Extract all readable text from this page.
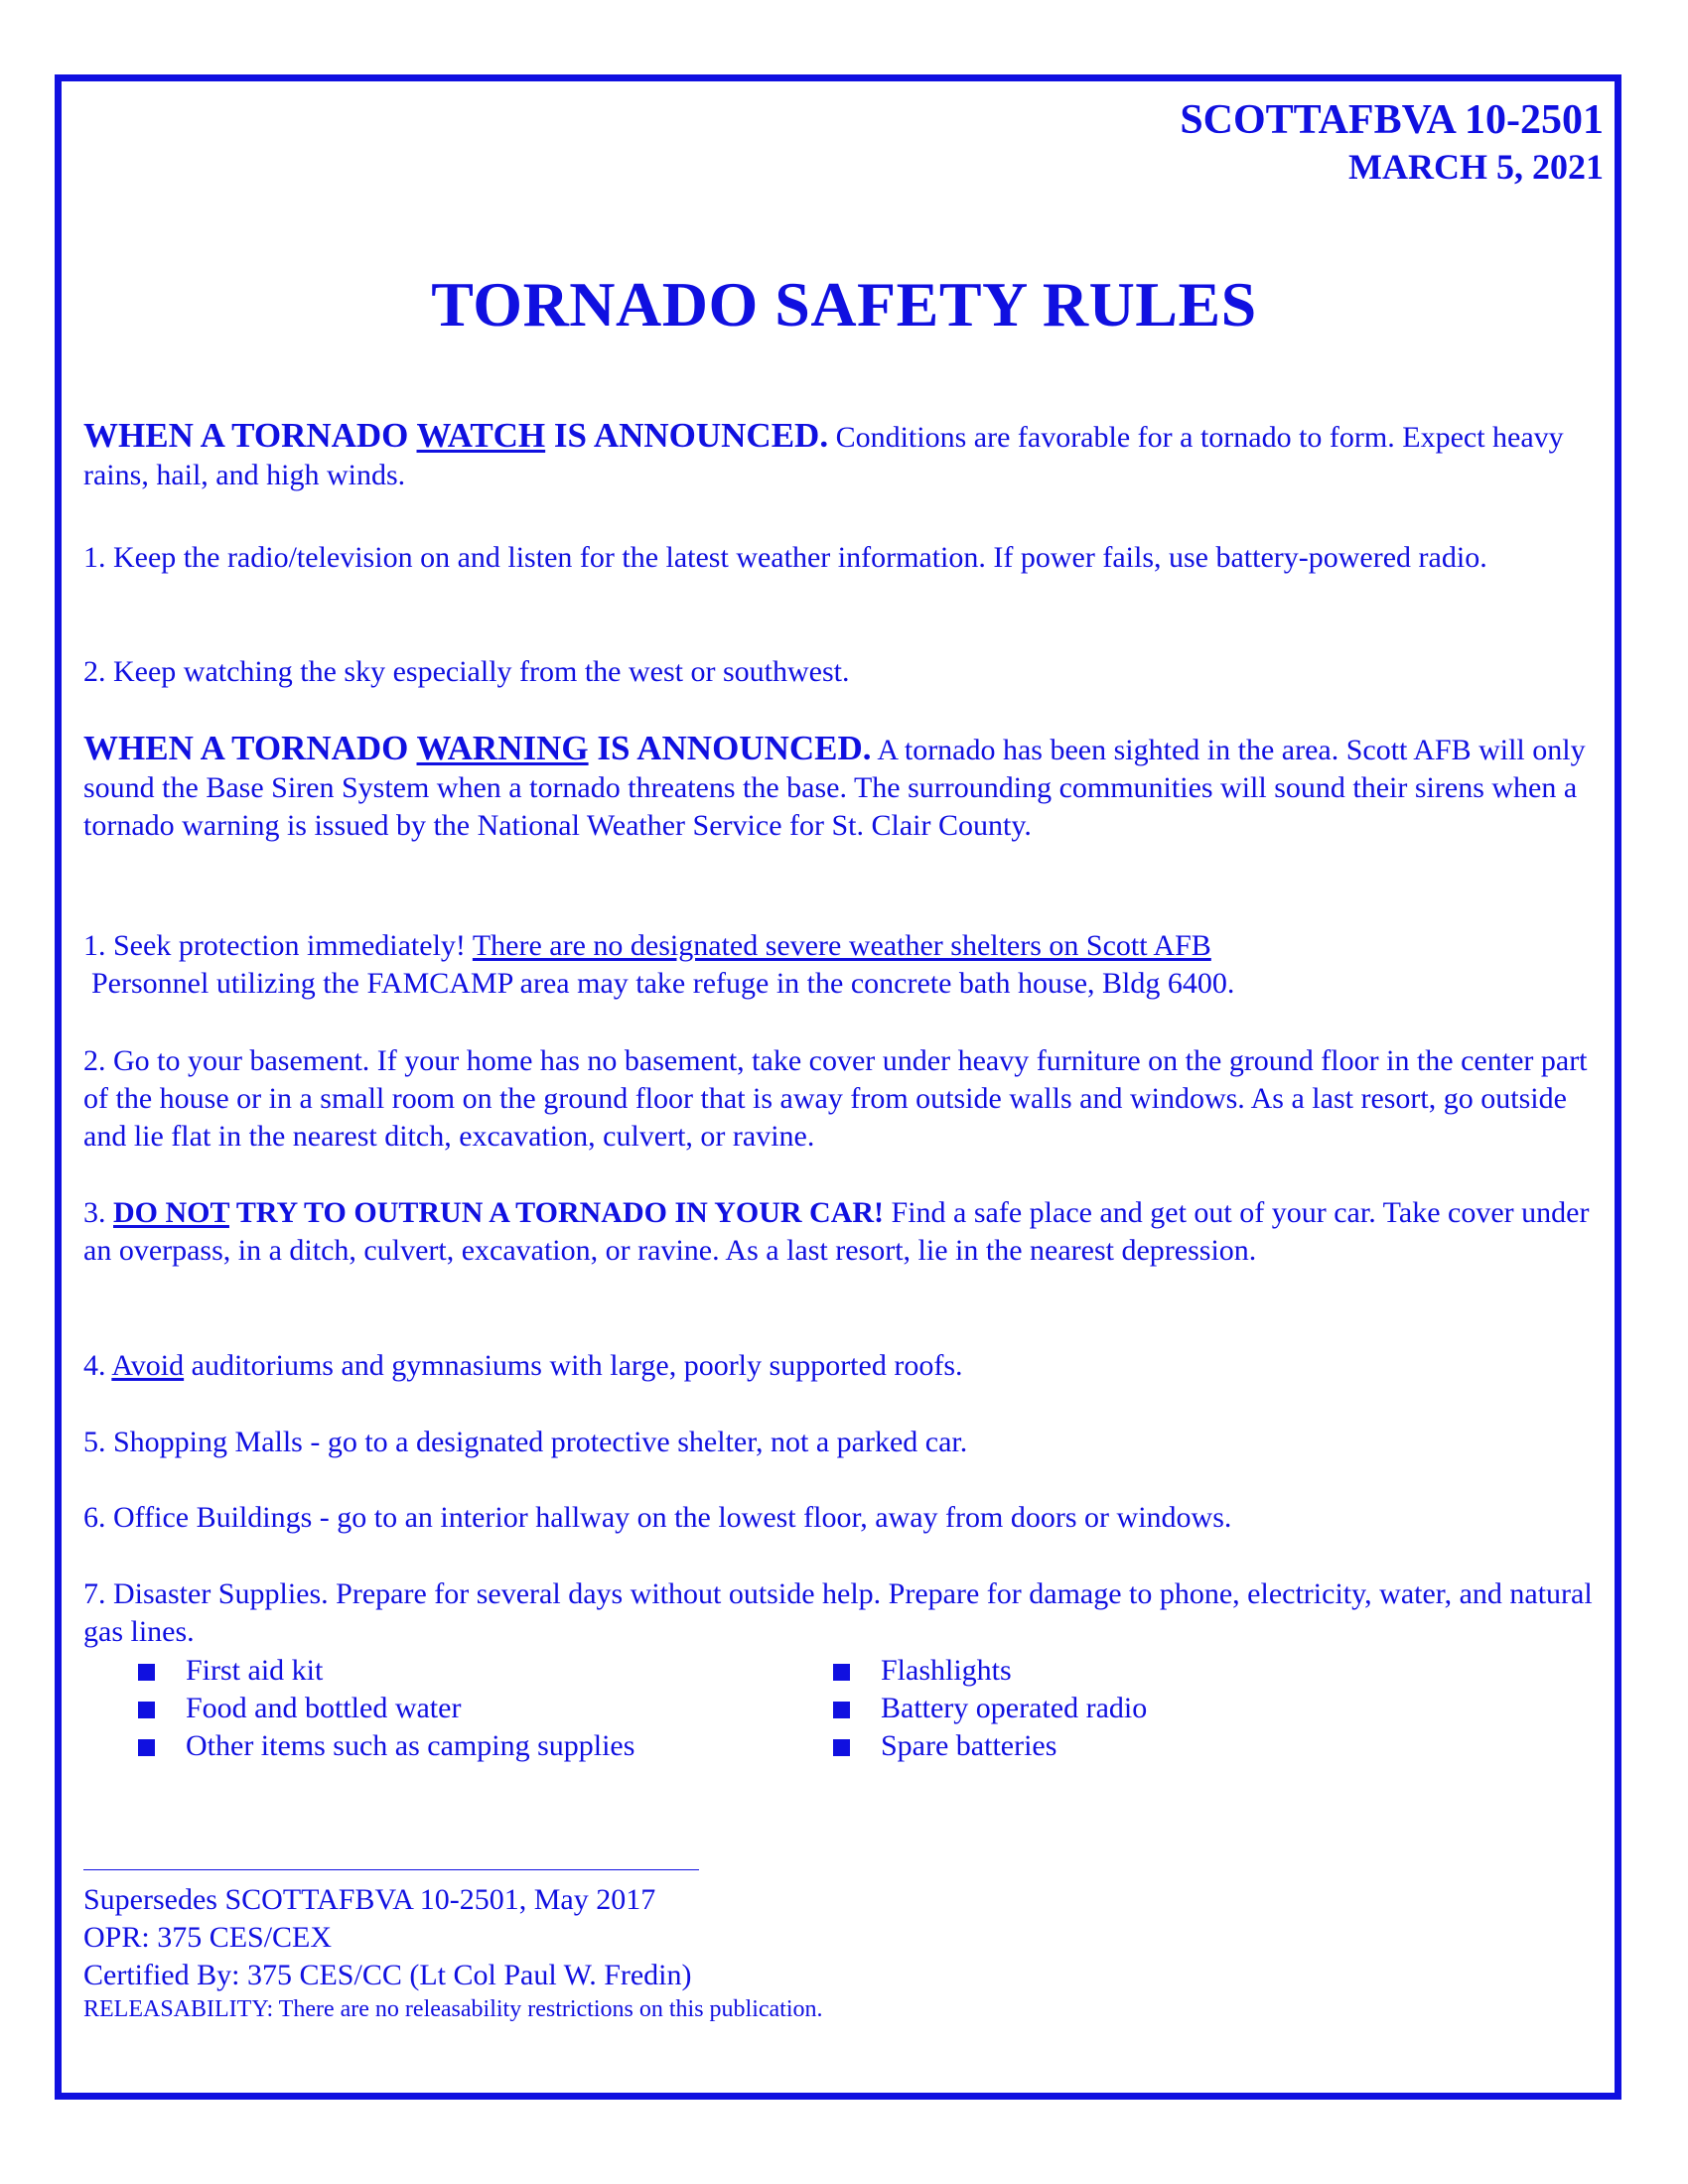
SCOTTAFBVA 10-2501

MARCH 5, 2021

TORNADO SAFETY RULES

WHEN A TORNADO WATCH IS ANNOUNCED. Conditions are favorable for a tornado to form. Expect heavy rains, hail, and high winds.

1. Keep the radio/television on and listen for the latest weather information. If power fails, use battery-powered radio.

2. Keep watching the sky especially from the west or southwest.

WHEN A TORNADO WARNING IS ANNOUNCED. A tornado has been sighted in the area. Scott AFB will only sound the Base Siren System when a tornado threatens the base. The surrounding communities will sound their sirens when a tornado warning is issued by the National Weather Service for St. Clair County.

1. Seek protection immediately! There are no designated severe weather shelters on Scott AFB
Personnel utilizing the FAMCAMP area may take refuge in the concrete bath house, Bldg 6400.

2. Go to your basement. If your home has no basement, take cover under heavy furniture on the ground floor in the center part of the house or in a small room on the ground floor that is away from outside walls and windows. As a last resort, go outside and lie flat in the nearest ditch, excavation, culvert, or ravine.

3. DO NOT TRY TO OUTRUN A TORNADO IN YOUR CAR! Find a safe place and get out of your car. Take cover under an overpass, in a ditch, culvert, excavation, or ravine. As a last resort, lie in the nearest depression.

4. Avoid auditoriums and gymnasiums with large, poorly supported roofs.

5. Shopping Malls - go to a designated protective shelter, not a parked car.

6. Office Buildings - go to an interior hallway on the lowest floor, away from doors or windows.

7. Disaster Supplies. Prepare for several days without outside help. Prepare for damage to phone, electricity, water, and natural gas lines.

First aid kit
Food and bottled water
Other items such as camping supplies
Flashlights
Battery operated radio
Spare batteries
Supersedes SCOTTAFBVA 10-2501, May 2017
OPR: 375 CES/CEX
Certified By: 375 CES/CC (Lt Col Paul W. Fredin)
RELEASABILITY: There are no releasability restrictions on this publication.
